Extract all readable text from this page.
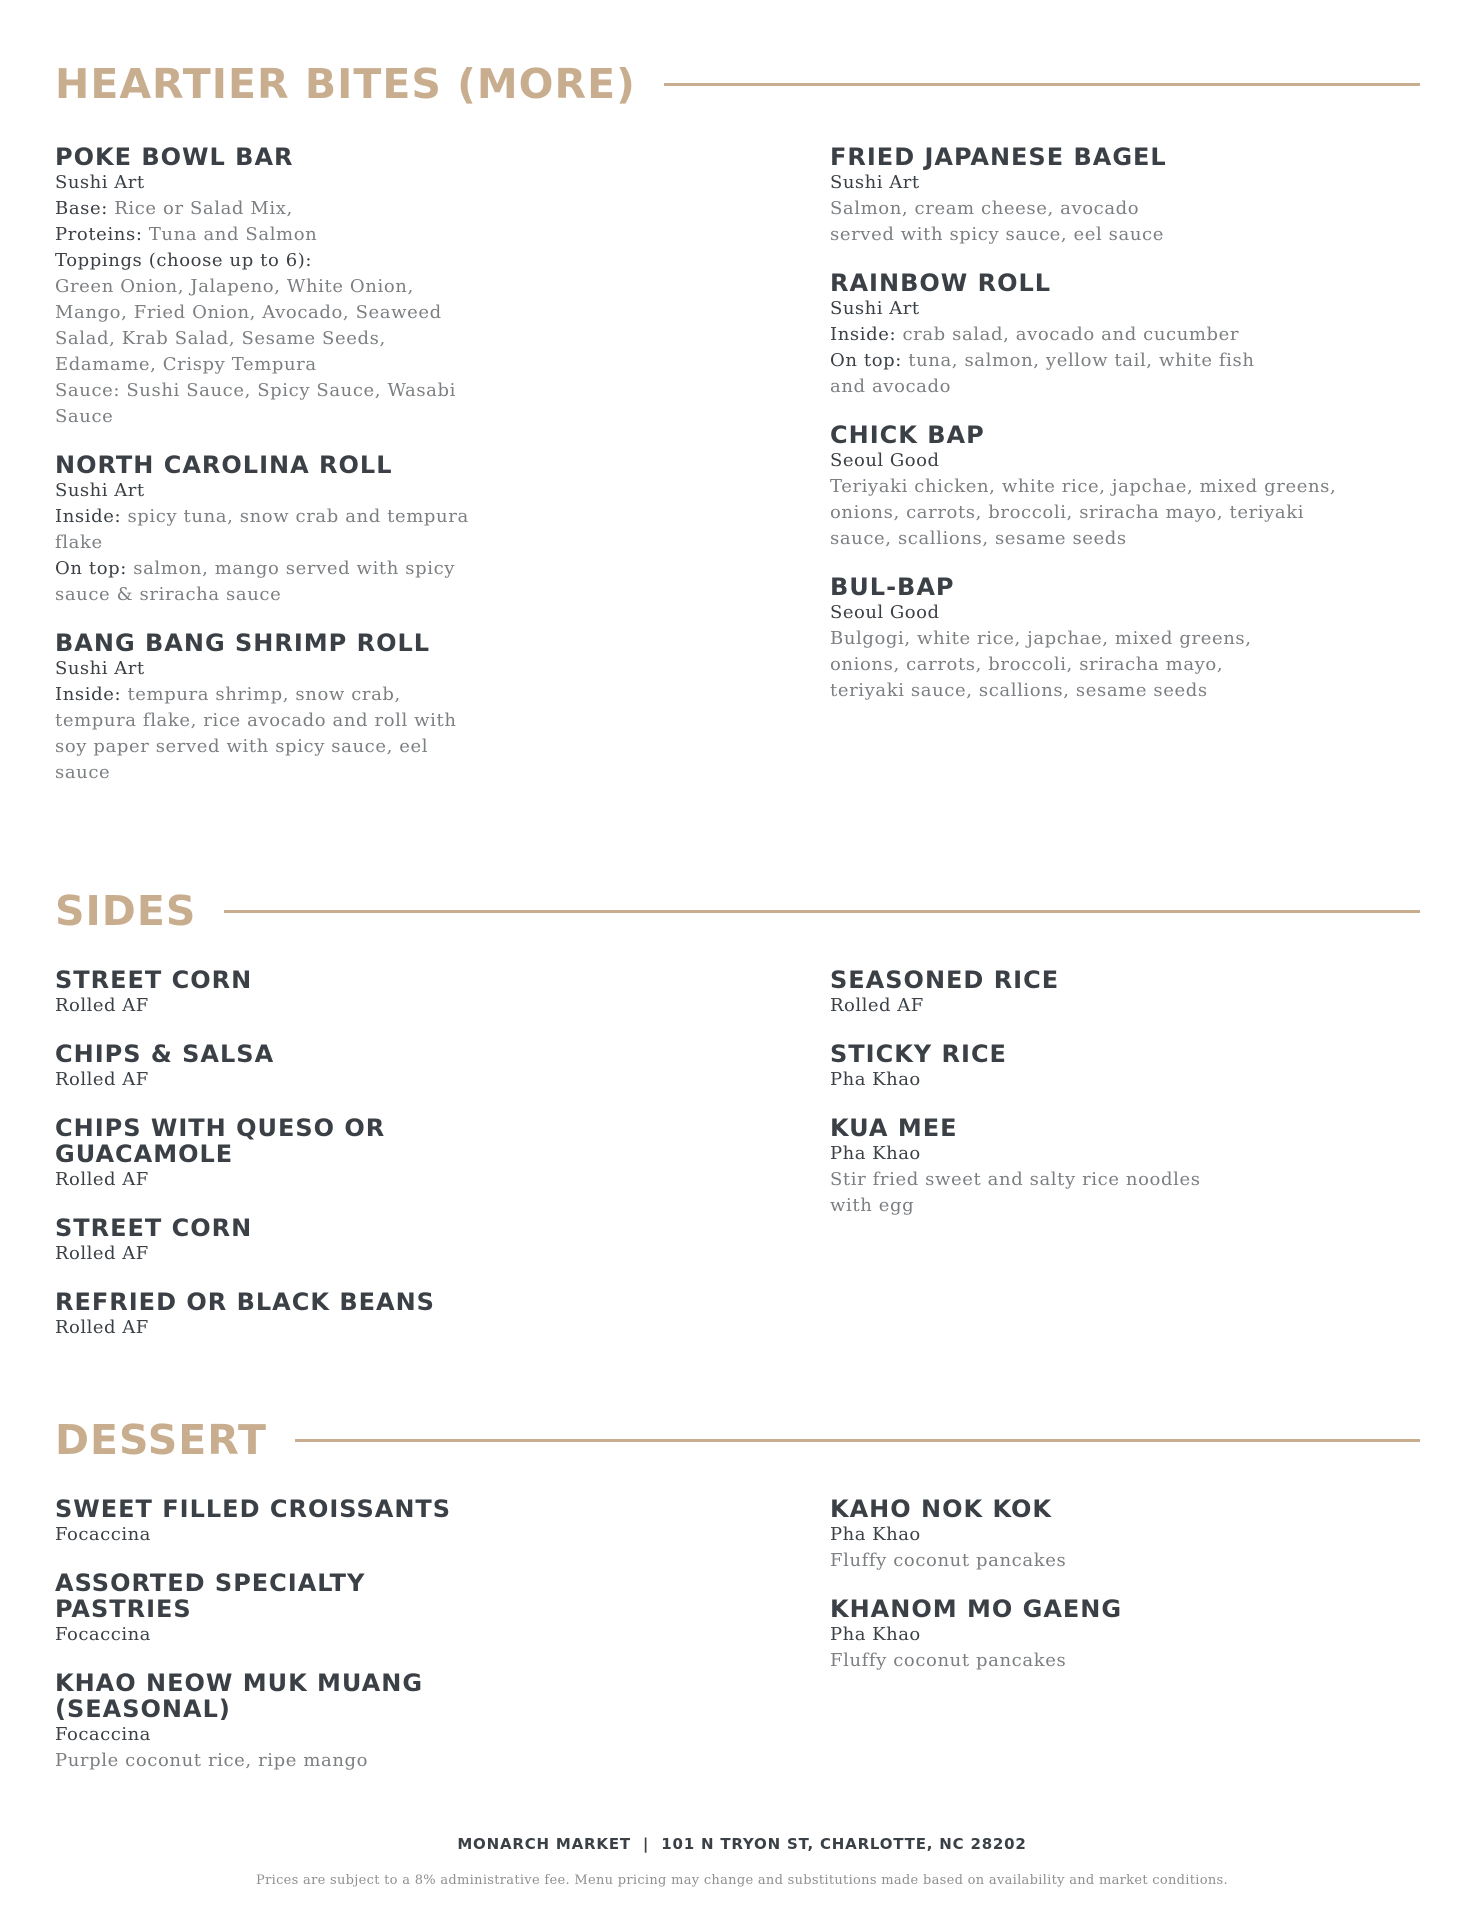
HEARTIER BITES (MORE)
POKE BOWL BAR
Sushi Art
Base: Rice or Salad Mix,
Proteins: Tuna and Salmon
Toppings (choose up to 6):
Green Onion, Jalapeno, White Onion, Mango, Fried Onion, Avocado, Seaweed Salad, Krab Salad, Sesame Seeds, Edamame, Crispy Tempura
Sauce: Sushi Sauce, Spicy Sauce, Wasabi Sauce
NORTH CAROLINA ROLL
Sushi Art
Inside: spicy tuna, snow crab and tempura flake
On top: salmon, mango served with spicy sauce & sriracha sauce
BANG BANG SHRIMP ROLL
Sushi Art
Inside: tempura shrimp, snow crab, tempura flake, rice avocado and roll with soy paper served with spicy sauce, eel sauce
FRIED JAPANESE BAGEL
Sushi Art
Salmon, cream cheese, avocado served with spicy sauce, eel sauce
RAINBOW ROLL
Sushi Art
Inside: crab salad, avocado and cucumber
On top: tuna, salmon, yellow tail, white fish and avocado
CHICK BAP
Seoul Good
Teriyaki chicken, white rice, japchae, mixed greens, onions, carrots, broccoli, sriracha mayo, teriyaki sauce, scallions, sesame seeds
BUL-BAP
Seoul Good
Bulgogi, white rice, japchae, mixed greens, onions, carrots, broccoli, sriracha mayo, teriyaki sauce, scallions, sesame seeds
SIDES
STREET CORN
Rolled AF
CHIPS & SALSA
Rolled AF
CHIPS WITH QUESO OR GUACAMOLE
Rolled AF
STREET CORN
Rolled AF
REFRIED OR BLACK BEANS
Rolled AF
SEASONED RICE
Rolled AF
STICKY RICE
Pha Khao
KUA MEE
Pha Khao
Stir fried sweet and salty rice noodles with egg
DESSERT
SWEET FILLED CROISSANTS
Focaccina
ASSORTED SPECIALTY PASTRIES
Focaccina
KHAO NEOW MUK MUANG (SEASONAL)
Focaccina
Purple coconut rice, ripe mango
KAHO NOK KOK
Pha Khao
Fluffy coconut pancakes
KHANOM MO GAENG
Pha Khao
Fluffy coconut pancakes
MONARCH MARKET  |  101 N TRYON ST, CHARLOTTE, NC 28202
Prices are subject to a 8% administrative fee. Menu pricing may change and substitutions made based on availability and market conditions.
